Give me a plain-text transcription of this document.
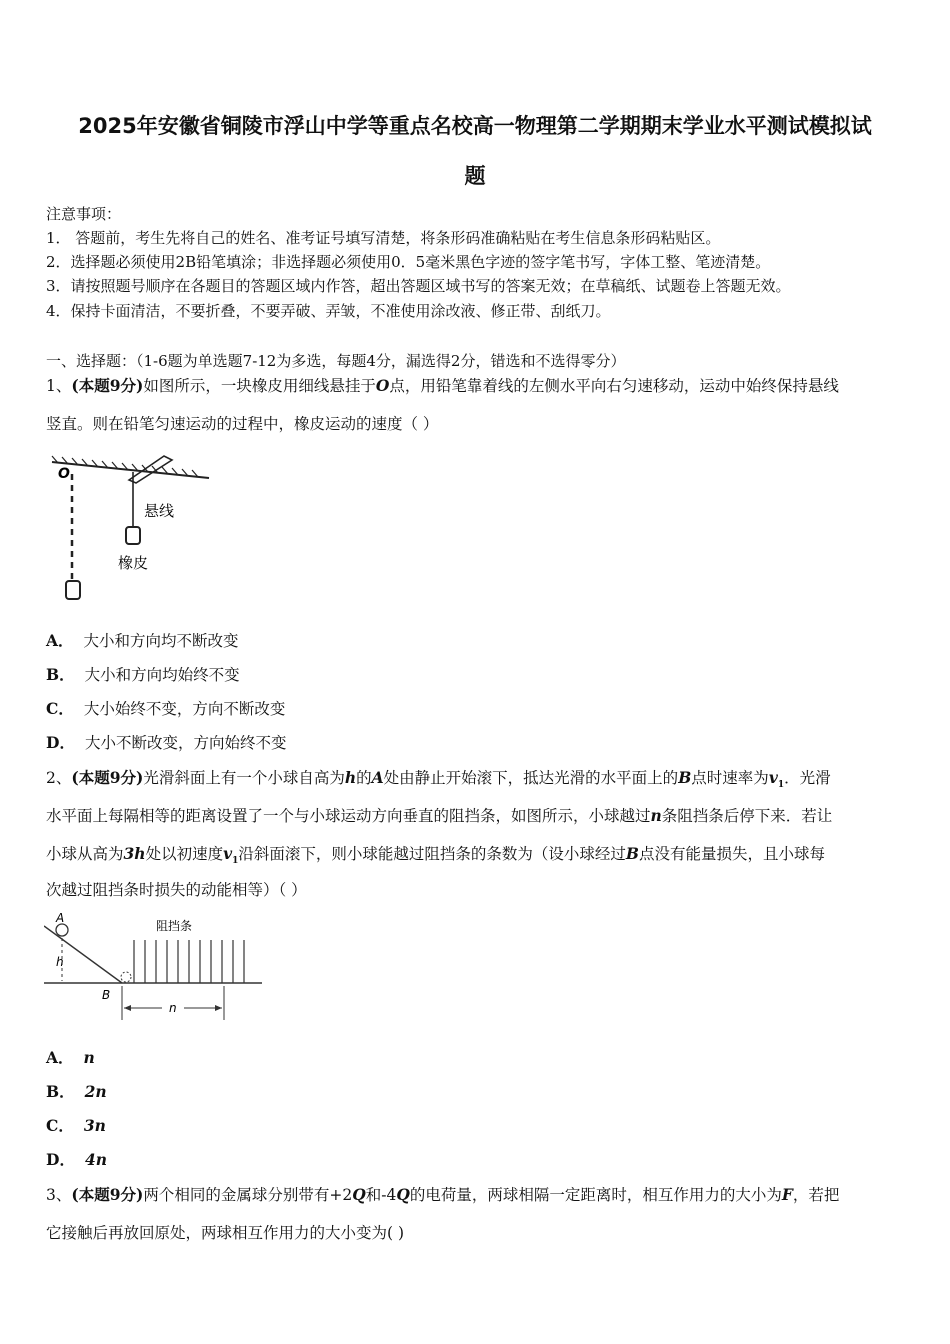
2025年安徽省铜陵市浮山中学等重点名校高一物理第二学期期末学业水平测试模拟试
题
注意事项：
1． 答题前，考生先将自己的姓名、准考证号填写清楚，将条形码准确粘贴在考生信息条形码粘贴区。
2．选择题必须使用2B铅笔填涂；非选择题必须使用0．5毫米黑色字迹的签字笔书写，字体工整、笔迹清楚。
3．请按照题号顺序在各题目的答题区域内作答，超出答题区域书写的答案无效；在草稿纸、试题卷上答题无效。
4．保持卡面清洁，不要折叠，不要弄破、弄皱，不准使用涂改液、修正带、刮纸刀。
一、选择题：（1-6题为单选题7-12为多选，每题4分，漏选得2分，错选和不选得零分）
1、(本题9分)如图所示，一块橡皮用细线悬挂于O点，用铅笔靠着线的左侧水平向右匀速移动，运动中始终保持悬线
竖直。则在铅笔匀速运动的过程中，橡皮运动的速度（ ）
O
悬线
橡皮
A． 大小和方向均不断改变
B． 大小和方向均始终不变
C． 大小始终不变，方向不断改变
D． 大小不断改变，方向始终不变
2、(本题9分)光滑斜面上有一个小球自高为h的A处由静止开始滚下，抵达光滑的水平面上的B点时速率为$v_1$．光滑
水平面上每隔相等的距离设置了一个与小球运动方向垂直的阻挡条，如图所示，小球越过n条阻挡条后停下来．若让
小球从高为3h处以初速度$v_1$沿斜面滚下，则小球能越过阻挡条的条数为（设小球经过B点没有能量损失，且小球每
次越过阻挡条时损失的动能相等）（ ）
A
h
B
阻挡条
n
A． n
B． 2n
C． 3n
D． 4n
3、(本题9分)两个相同的金属球分别带有+2Q和-4Q的电荷量，两球相隔一定距离时，相互作用力的大小为F，若把
它接触后再放回原处，两球相互作用力的大小变为( )
